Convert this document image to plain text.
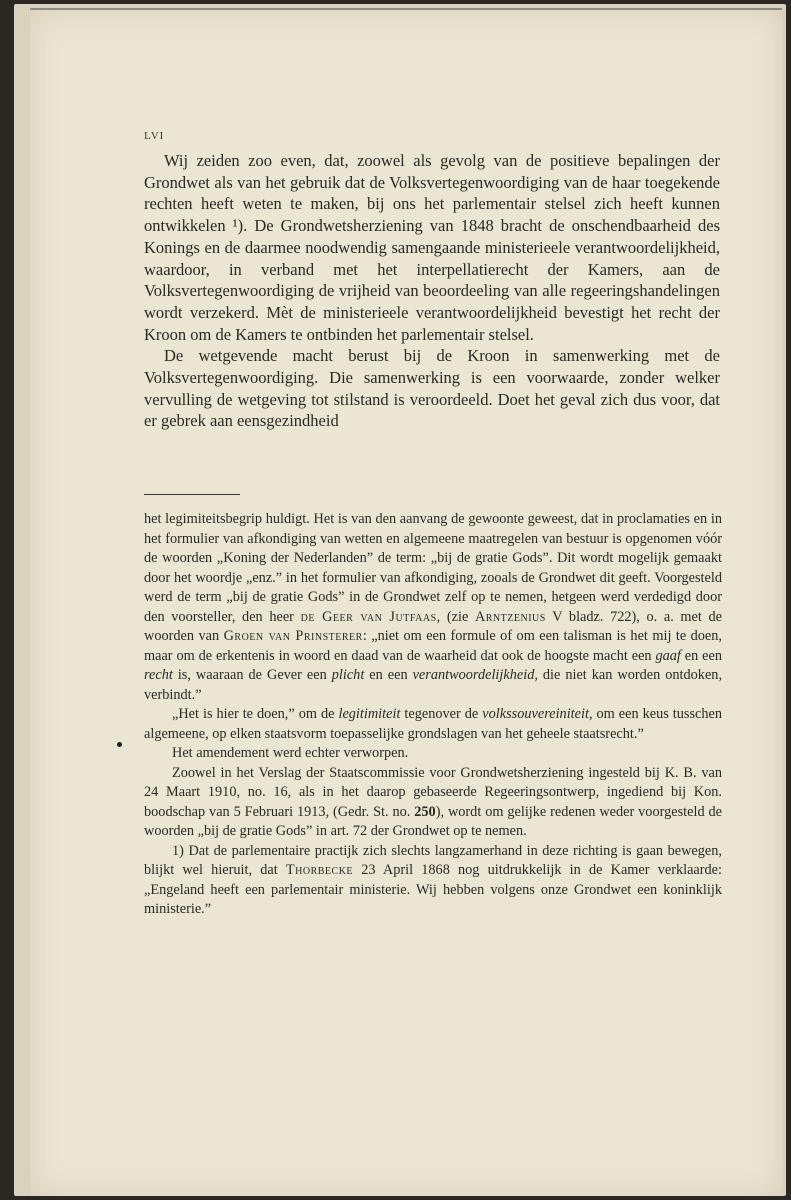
LVI

Wij zeiden zoo even, dat, zoowel als gevolg van de positieve bepalingen der Grondwet als van het gebruik dat de Volksvertegenwoordiging van de haar toegekende rechten heeft weten te maken, bij ons het parlementair stelsel zich heeft kunnen ontwikkelen ¹). De Grondwetsherziening van 1848 bracht de onschendbaarheid des Konings en de daarmee noodwendig samengaande ministerieele verantwoordelijkheid, waardoor, in verband met het interpellatierecht der Kamers, aan de Volksvertegenwoordiging de vrijheid van beoordeeling van alle regeeringshandelingen wordt verzekerd. Mèt de ministerieele verantwoordelijkheid bevestigt het recht der Kroon om de Kamers te ontbinden het parlementair stelsel.

De wetgevende macht berust bij de Kroon in samenwerking met de Volksvertegenwoordiging. Die samenwerking is een voorwaarde, zonder welker vervulling de wetgeving tot stilstand is veroordeeld. Doet het geval zich dus voor, dat er gebrek aan eensgezindheid

het legimiteitsbegrip huldigt. Het is van den aanvang de gewoonte geweest, dat in proclamaties en in het formulier van afkondiging van wetten en algemeene maatregelen van bestuur is opgenomen vóór de woorden „Koning der Nederlanden” de term: „bij de gratie Gods”. Dit wordt mogelijk gemaakt door het woordje „enz.” in het formulier van afkondiging, zooals de Grondwet dit geeft. Voorgesteld werd de term „bij de gratie Gods” in de Grondwet zelf op te nemen, hetgeen werd verdedigd door den voorsteller, den heer de Geer van Jutfaas, (zie Arntzenius V bladz. 722), o. a. met de woorden van Groen van Prinsterer: „niet om een formule of om een talisman is het mij te doen, maar om de erkentenis in woord en daad van de waarheid dat ook de hoogste macht een gaaf en een recht is, waaraan de Gever een plicht en een verantwoordelijkheid, die niet kan worden ontdoken, verbindt.”

„Het is hier te doen,” om de legitimiteit tegenover de volkssouvereiniteit, om een keus tusschen algemeene, op elken staatsvorm toepasselijke grondslagen van het geheele staatsrecht.”

Het amendement werd echter verworpen.

Zoowel in het Verslag der Staatscommissie voor Grondwetsherziening ingesteld bij K. B. van 24 Maart 1910, no. 16, als in het daarop gebaseerde Regeeringsontwerp, ingediend bij Kon. boodschap van 5 Februari 1913, (Gedr. St. no. 250), wordt om gelijke redenen weder voorgesteld de woorden „bij de gratie Gods” in art. 72 der Grondwet op te nemen.

1) Dat de parlementaire practijk zich slechts langzamerhand in deze richting is gaan bewegen, blijkt wel hieruit, dat Thorbecke 23 April 1868 nog uitdrukkelijk in de Kamer verklaarde: „Engeland heeft een parlementair ministerie. Wij hebben volgens onze Grondwet een koninklijk ministerie.”
